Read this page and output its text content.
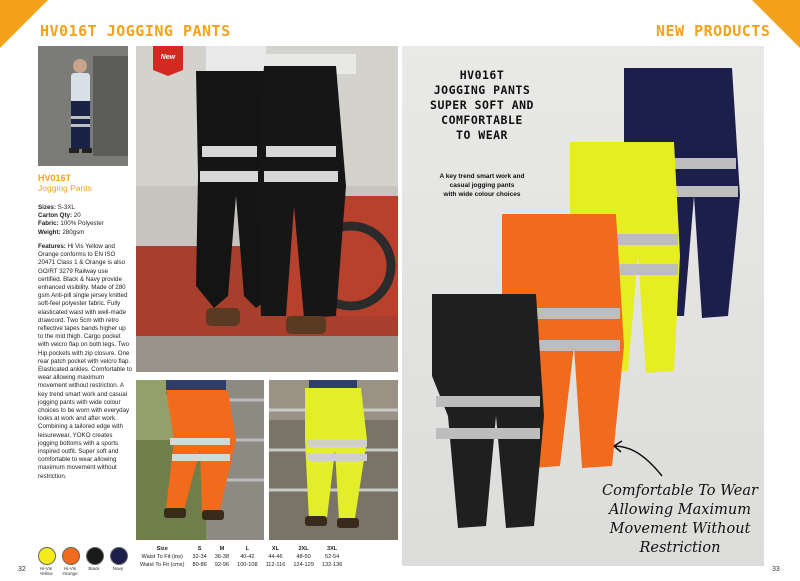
HV016T JOGGING PANTS
HV016T
Jogging Pants
Sizes: S-3XL
Carton Qty: 20
Fabric: 100% Polyester
Weight: 280gsm
Features: Hi Vis Yellow and Orange conforms to EN ISO 20471 Class 1 & Orange is also GO/RT 3279 Railway use certified. Black & Navy provide enhanced visibility. Made of 280 gsm Anti-pill single jersey knitted soft-feel polyester fabric. Fully elasticated waist with well-made drawcord. Two 5cm with retro reflective tapes bands higher up to the mid thigh. Cargo pocket with velcro flap on both legs. Two Hip pockets with zip closure. One rear patch pocket with velcro flap. Elasticated ankles. Comfortable to wear allowing maximum movement without restriction. A key trend smart work and casual jogging pants with wide colour choices to be worn with everyday looks at work and after work. Combining a tailored edge with leisurewear, YOKO creates jogging bottoms with a sports inspired outfit. Super soft and comfortable to wear allowing maximum movement without restriction.
New
Hi-Vis Yellow
Hi-Vis Orange
Black	Navy
Size	S	M	L	XL	2XL	3XL
Waist To Fit (ins)	32-34	36-38	40-42	44-46	48-50	52-54
Waist To Fit (cms)	80-86	92-96	100-108	112-116	124-129	132-136
32
NEW PRODUCTS
HV016T
JOGGING PANTS
SUPER SOFT AND
COMFORTABLE
TO WEAR
A key trend smart work and
casual jogging pants
with wide colour choices
Comfortable To Wear
Allowing Maximum
Movement Without
Restriction
33
